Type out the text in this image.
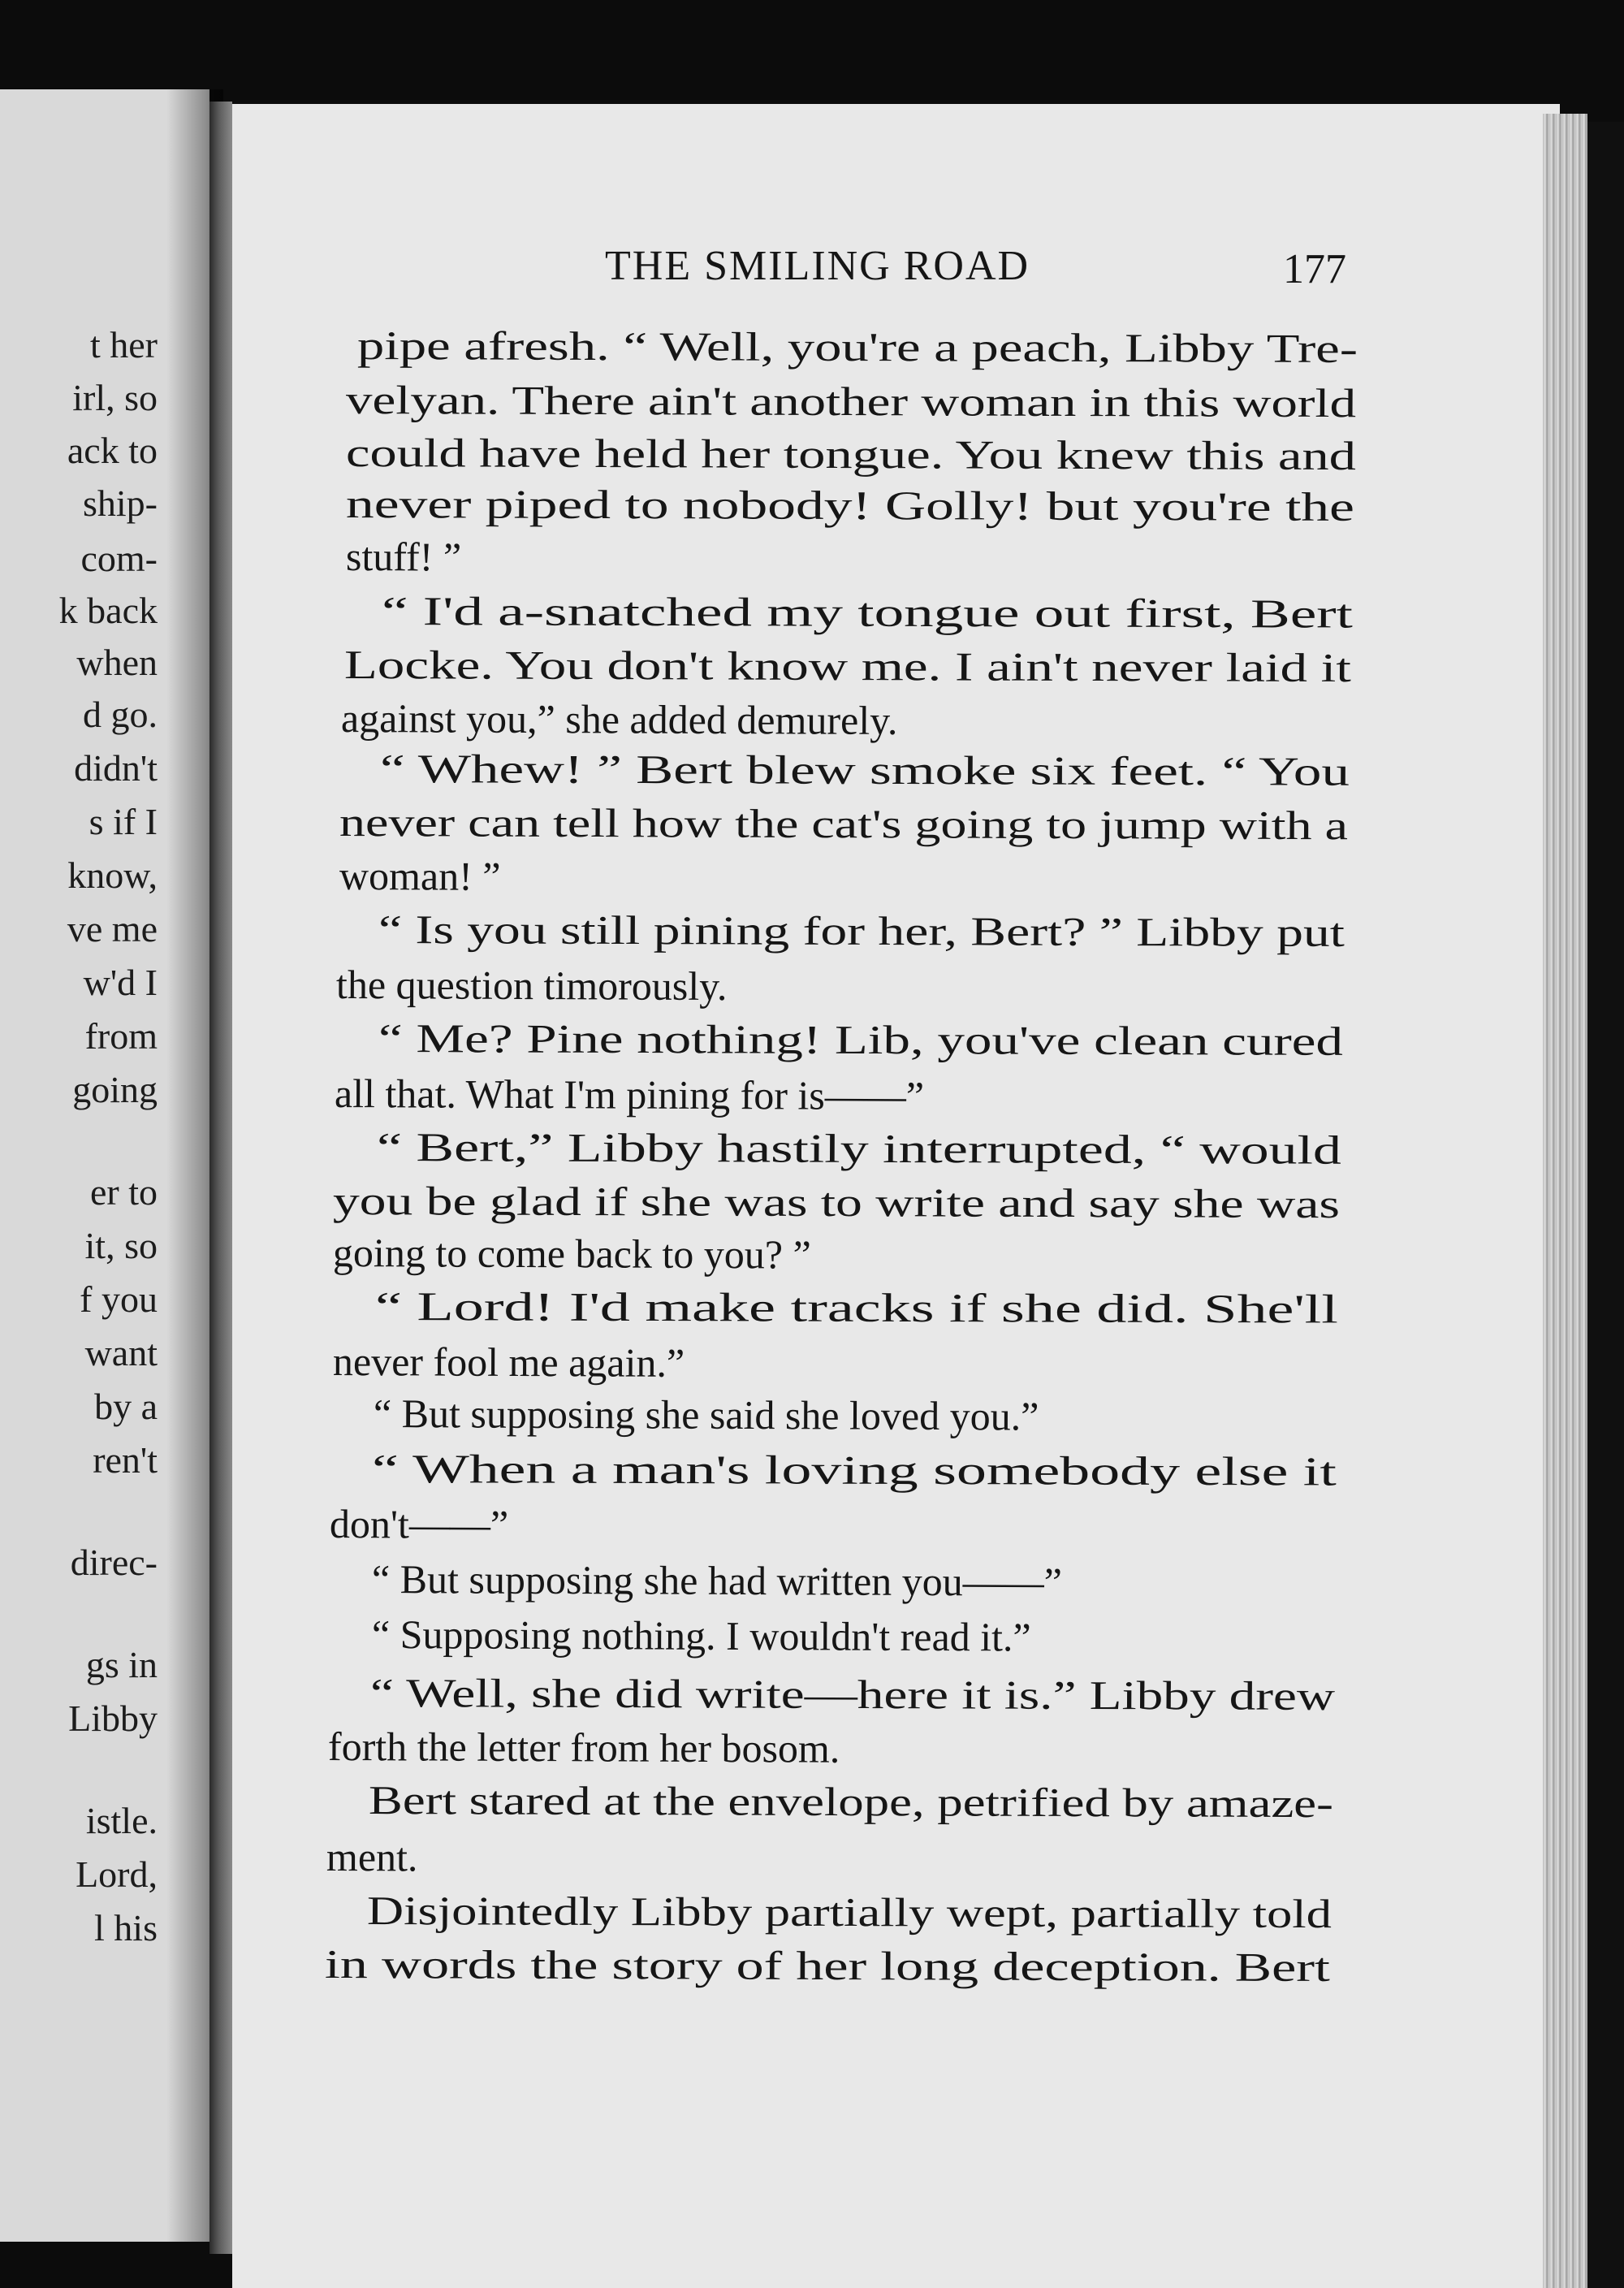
t her
irl, so
ack to
ship-
com-
k back
when
d go.
didn't
s if I
know,
ve me
w'd I
from
going
er to
it, so
f you
want
by a
ren't
direc-
gs in
Libby
istle.
Lord,
l his
THE SMILING ROAD	177
pipe afresh. “ Well, you're a peach, Libby Tre-
velyan. There ain't another woman in this world
could have held her tongue. You knew this and
never piped to nobody! Golly! but you're the
stuff! ”
“ I'd a-snatched my tongue out first, Bert
Locke. You don't know me. I ain't never laid it
against you,” she added demurely.
“ Whew! ” Bert blew smoke six feet. “ You
never can tell how the cat's going to jump with a
woman! ”
“ Is you still pining for her, Bert? ” Libby put
the question timorously.
“ Me? Pine nothing! Lib, you've clean cured
all that. What I'm pining for is——”
“ Bert,” Libby hastily interrupted, “ would
you be glad if she was to write and say she was
going to come back to you? ”
“ Lord! I'd make tracks if she did. She'll
never fool me again.”
“ But supposing she said she loved you.”
“ When a man's loving somebody else it
don't——”
“ But supposing she had written you——”
“ Supposing nothing. I wouldn't read it.”
“ Well, she did write—here it is.” Libby drew
forth the letter from her bosom.
Bert stared at the envelope, petrified by amaze-
ment.
Disjointedly Libby partially wept, partially told
in words the story of her long deception. Bert
